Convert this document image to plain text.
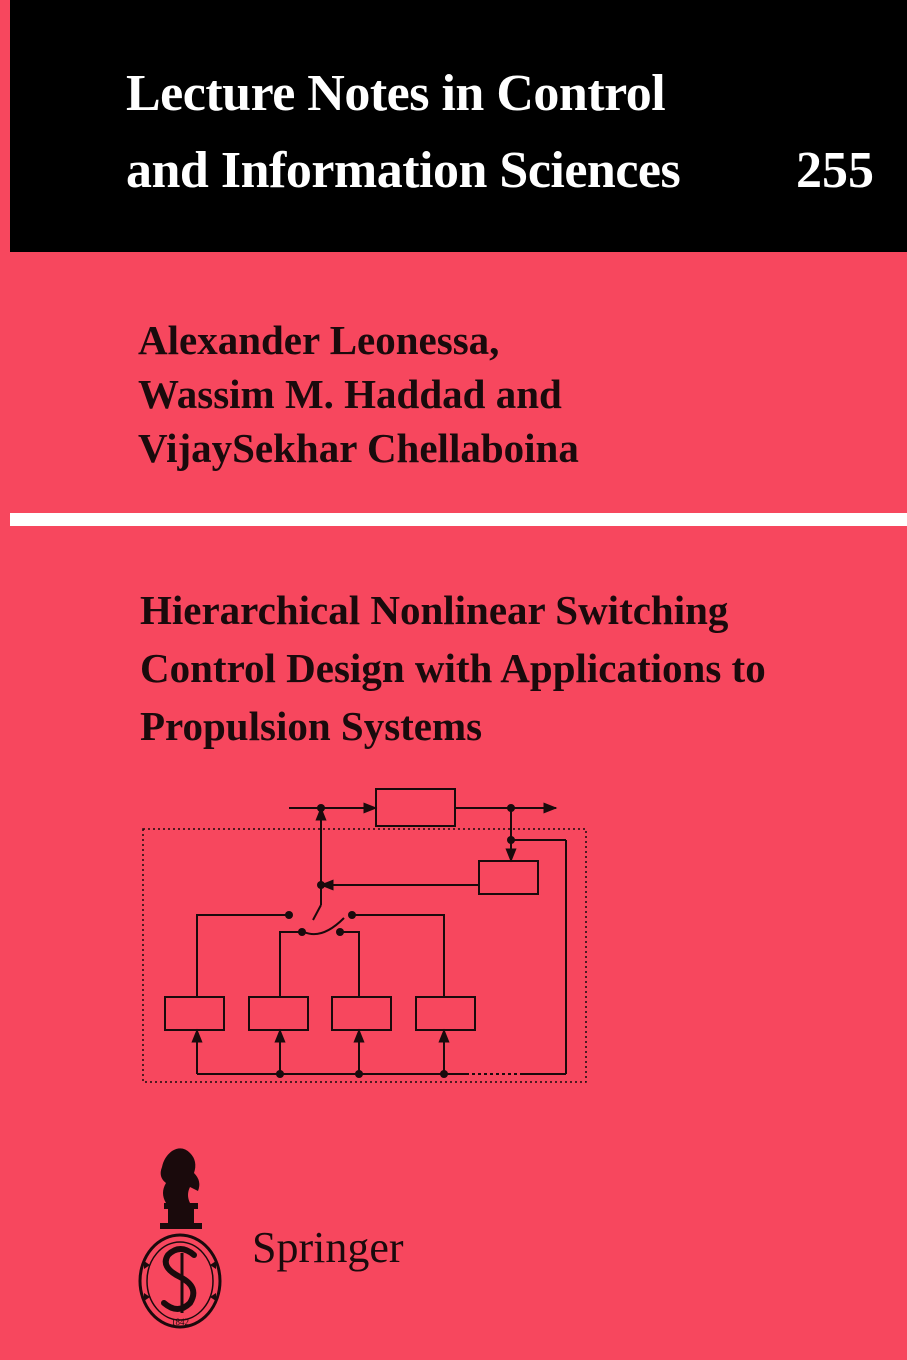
Lecture Notes in Control
and Information Sciences 255
Alexander Leonessa,
Wassim M. Haddad and
VijaySekhar Chellaboina
Hierarchical Nonlinear Switching
Control Design with Applications to
Propulsion Systems
1842
Springer
